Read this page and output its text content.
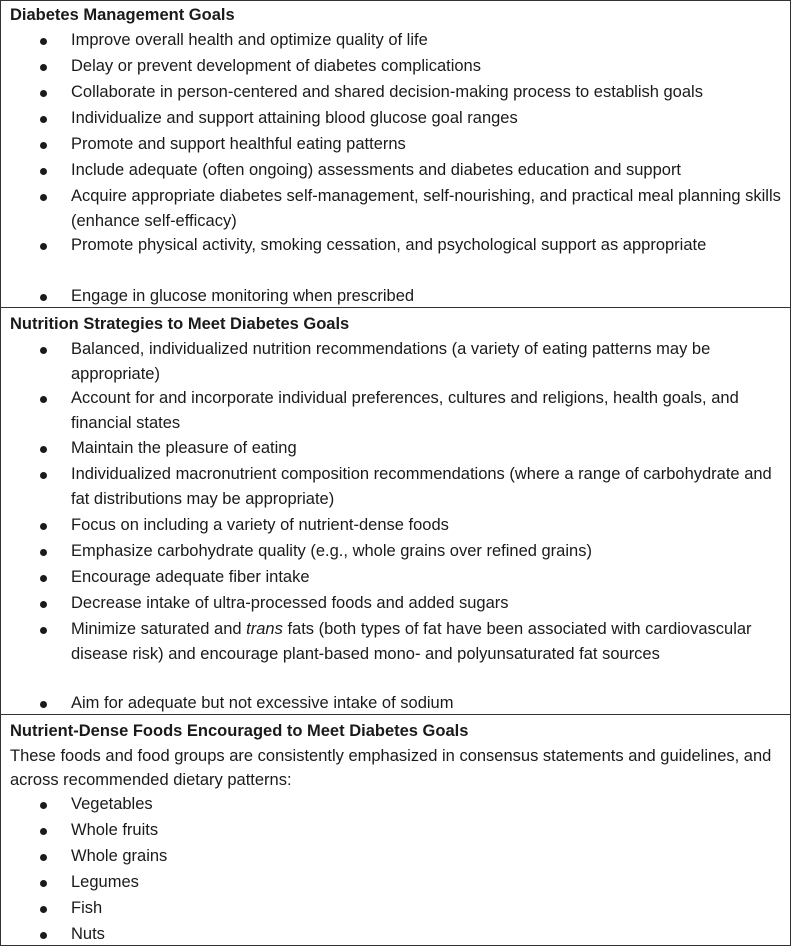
Diabetes Management Goals
Improve overall health and optimize quality of life
Delay or prevent development of diabetes complications
Collaborate in person-centered and shared decision-making process to establish goals
Individualize and support attaining blood glucose goal ranges
Promote and support healthful eating patterns
Include adequate (often ongoing) assessments and diabetes education and support
Acquire appropriate diabetes self-management, self-nourishing, and practical meal planning skills (enhance self-efficacy)
Promote physical activity, smoking cessation, and psychological support as appropriate
Engage in glucose monitoring when prescribed
Nutrition Strategies to Meet Diabetes Goals
Balanced, individualized nutrition recommendations (a variety of eating patterns may be appropriate)
Account for and incorporate individual preferences, cultures and religions, health goals, and financial states
Maintain the pleasure of eating
Individualized macronutrient composition recommendations (where a range of carbohydrate and fat distributions may be appropriate)
Focus on including a variety of nutrient-dense foods
Emphasize carbohydrate quality (e.g., whole grains over refined grains)
Encourage adequate fiber intake
Decrease intake of ultra-processed foods and added sugars
Minimize saturated and trans fats (both types of fat have been associated with cardiovascular disease risk) and encourage plant-based mono- and polyunsaturated fat sources
Aim for adequate but not excessive intake of sodium
Nutrient-Dense Foods Encouraged to Meet Diabetes Goals
These foods and food groups are consistently emphasized in consensus statements and guidelines, and across recommended dietary patterns:
Vegetables
Whole fruits
Whole grains
Legumes
Fish
Nuts
